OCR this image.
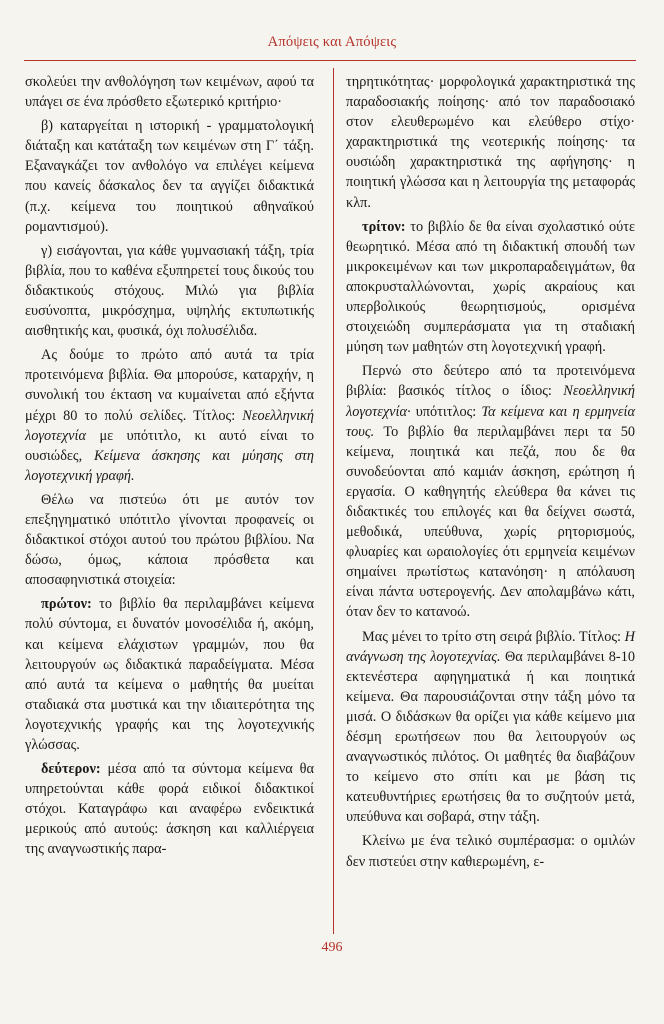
Απόψεις και Απόψεις

σκολεύει την ανθολόγηση των κειμένων, αφού τα υπάγει σε ένα πρόσθετο εξωτερικό κριτήριο·

β) καταργείται η ιστορική - γραμματολογική διάταξη και κατάταξη των κειμένων στη Γ΄ τάξη. Εξαναγκάζει τον ανθολόγο να επιλέγει κείμενα που κανείς δάσκαλος δεν τα αγγίζει διδακτικά (π.χ. κείμενα του ποιητικού αθηναϊκού ρομαντισμού).

γ) εισάγονται, για κάθε γυμνασιακή τάξη, τρία βιβλία, που το καθένα εξυπηρετεί τους δικούς του διδακτικούς στόχους. Μιλώ για βιβλία ευσύνοπτα, μικρόσχημα, υψηλής εκτυπωτικής αισθητικής και, φυσικά, όχι πολυσέλιδα.

Ας δούμε το πρώτο από αυτά τα τρία προτεινόμενα βιβλία. Θα μπορούσε, καταρχήν, η συνολική του έκταση να κυμαίνεται από εξήντα μέχρι 80 το πολύ σελίδες. Τίτλος: Νεοελληνική λογοτεχνία με υπότιτλο, κι αυτό είναι το ουσιώδες, Κείμενα άσκησης και μύησης στη λογοτεχνική γραφή.

Θέλω να πιστεύω ότι με αυτόν τον επεξηγηματικό υπότιτλο γίνονται προφανείς οι διδακτικοί στόχοι αυτού του πρώτου βιβλίου. Να δώσω, όμως, κάποια πρόσθετα και αποσαφηνιστικά στοιχεία:

πρώτον: το βιβλίο θα περιλαμβάνει κείμενα πολύ σύντομα, ει δυνατόν μονοσέλιδα ή, ακόμη, και κείμενα ελάχιστων γραμμών, που θα λειτουργούν ως διδακτικά παραδείγματα. Μέσα από αυτά τα κείμενα ο μαθητής θα μυείται σταδιακά στα μυστικά και την ιδιαιτερότητα της λογοτεχνικής γραφής και της λογοτεχνικής γλώσσας.

δεύτερον: μέσα από τα σύντομα κείμενα θα υπηρετούνται κάθε φορά ειδικοί διδακτικοί στόχοι. Καταγράφω και αναφέρω ενδεικτικά μερικούς από αυτούς: άσκηση και καλλιέργεια της αναγνωστικής παρα-

τηρητικότητας· μορφολογικά χαρακτηριστικά της παραδοσιακής ποίησης· από τον παραδοσιακό στον ελευθερωμένο και ελεύθερο στίχο· χαρακτηριστικά της νεοτερικής ποίησης· τα ουσιώδη χαρακτηριστικά της αφήγησης· η ποιητική γλώσσα και η λειτουργία της μεταφοράς κλπ.

τρίτον: το βιβλίο δε θα είναι σχολαστικό ούτε θεωρητικό. Μέσα από τη διδακτική σπουδή των μικροκειμένων και των μικροπαραδειγμάτων, θα αποκρυσταλλώνονται, χωρίς ακραίους και υπερβολικούς θεωρητισμούς, ορισμένα στοιχειώδη συμπεράσματα για τη σταδιακή μύηση των μαθητών στη λογοτεχνική γραφή.

Περνώ στο δεύτερο από τα προτεινόμενα βιβλία: βασικός τίτλος ο ίδιος: Νεοελληνική λογοτεχνία· υπότιτλος: Τα κείμενα και η ερμηνεία τους. Το βιβλίο θα περιλαμβάνει περι τα 50 κείμενα, ποιητικά και πεζά, που δε θα συνοδεύονται από καμιάν άσκηση, ερώτηση ή εργασία. Ο καθηγητής ελεύθερα θα κάνει τις διδακτικές του επιλογές και θα δείχνει σωστά, μεθοδικά, υπεύθυνα, χωρίς ρητορισμούς, φλυαρίες και ωραιολογίες ότι ερμηνεία κειμένων σημαίνει πρωτίστως κατανόηση· η απόλαυση είναι πάντα υστερογενής. Δεν απολαμβάνω κάτι, όταν δεν το κατανοώ.

Μας μένει το τρίτο στη σειρά βιβλίο. Τίτλος: Η ανάγνωση της λογοτεχνίας. Θα περιλαμβάνει 8-10 εκτενέστερα αφηγηματικά ή και ποιητικά κείμενα. Θα παρουσιάζονται στην τάξη μόνο τα μισά. Ο διδάσκων θα ορίζει για κάθε κείμενο μια δέσμη ερωτήσεων που θα λειτουργούν ως αναγνωστικός πιλότος. Οι μαθητές θα διαβάζουν το κείμενο στο σπίτι και με βάση τις κατευθυντήριες ερωτήσεις θα το συζητούν μετά, υπεύθυνα και σοβαρά, στην τάξη.

Κλείνω με ένα τελικό συμπέρασμα: ο ομιλών δεν πιστεύει στην καθιερωμένη, ε-

496
